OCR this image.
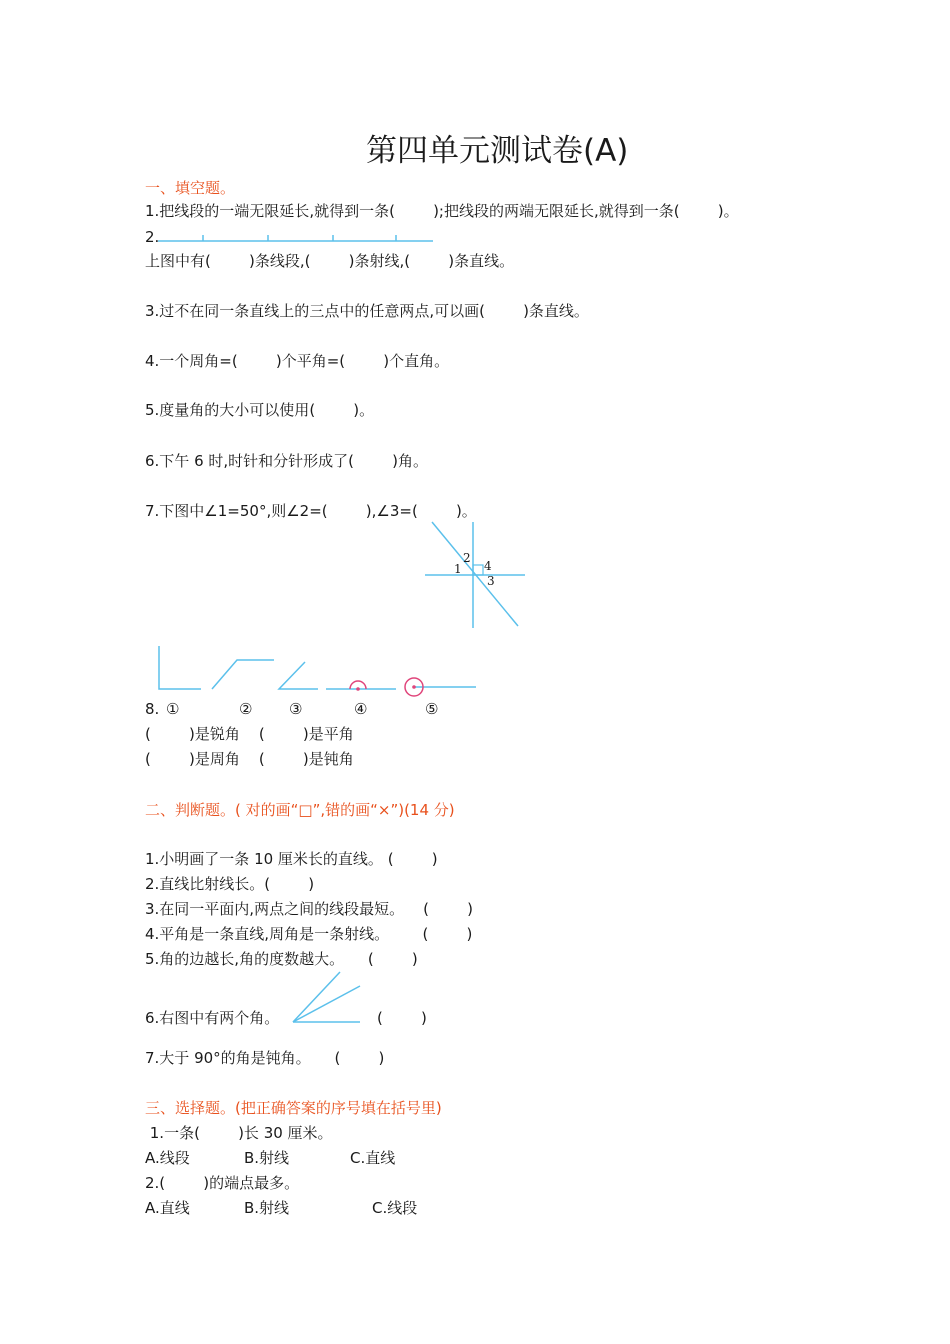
第四单元测试卷(A)
一、填空题。
1.把线段的一端无限延长,就得到一条(        );把线段的两端无限延长,就得到一条(        )。
2.
上图中有(        )条线段,(        )条射线,(        )条直线。
3.过不在同一条直线上的三点中的任意两点,可以画(        )条直线。
4.一个周角=(        )个平角=(        )个直角。
5.度量角的大小可以使用(        )。
6.下午 6 时,时针和分针形成了(        )角。
7.下图中∠1=50°,则∠2=(        ),∠3=(        )。
1
2
4
3
8. ①	② ③	④	⑤
(        )是锐角    (        )是平角
(        )是周角    (        )是钝角
二、判断题。( 对的画“□”,错的画“×”)(14 分)
1.小明画了一条 10 厘米长的直线。 (        )
2.直线比射线长。(        )
3.在同一平面内,两点之间的线段最短。    (        )
4.平角是一条直线,周角是一条射线。       (        )
5.角的边越长,角的度数越大。     (        )
6.右图中有两个角。	(        )
7.大于 90°的角是钝角。     (        )
三、选择题。(把正确答案的序号填在括号里)
1.一条(        )长 30 厘米。
A.线段	B.射线	C.直线
2.(        )的端点最多。
A.直线	B.射线	C.线段
